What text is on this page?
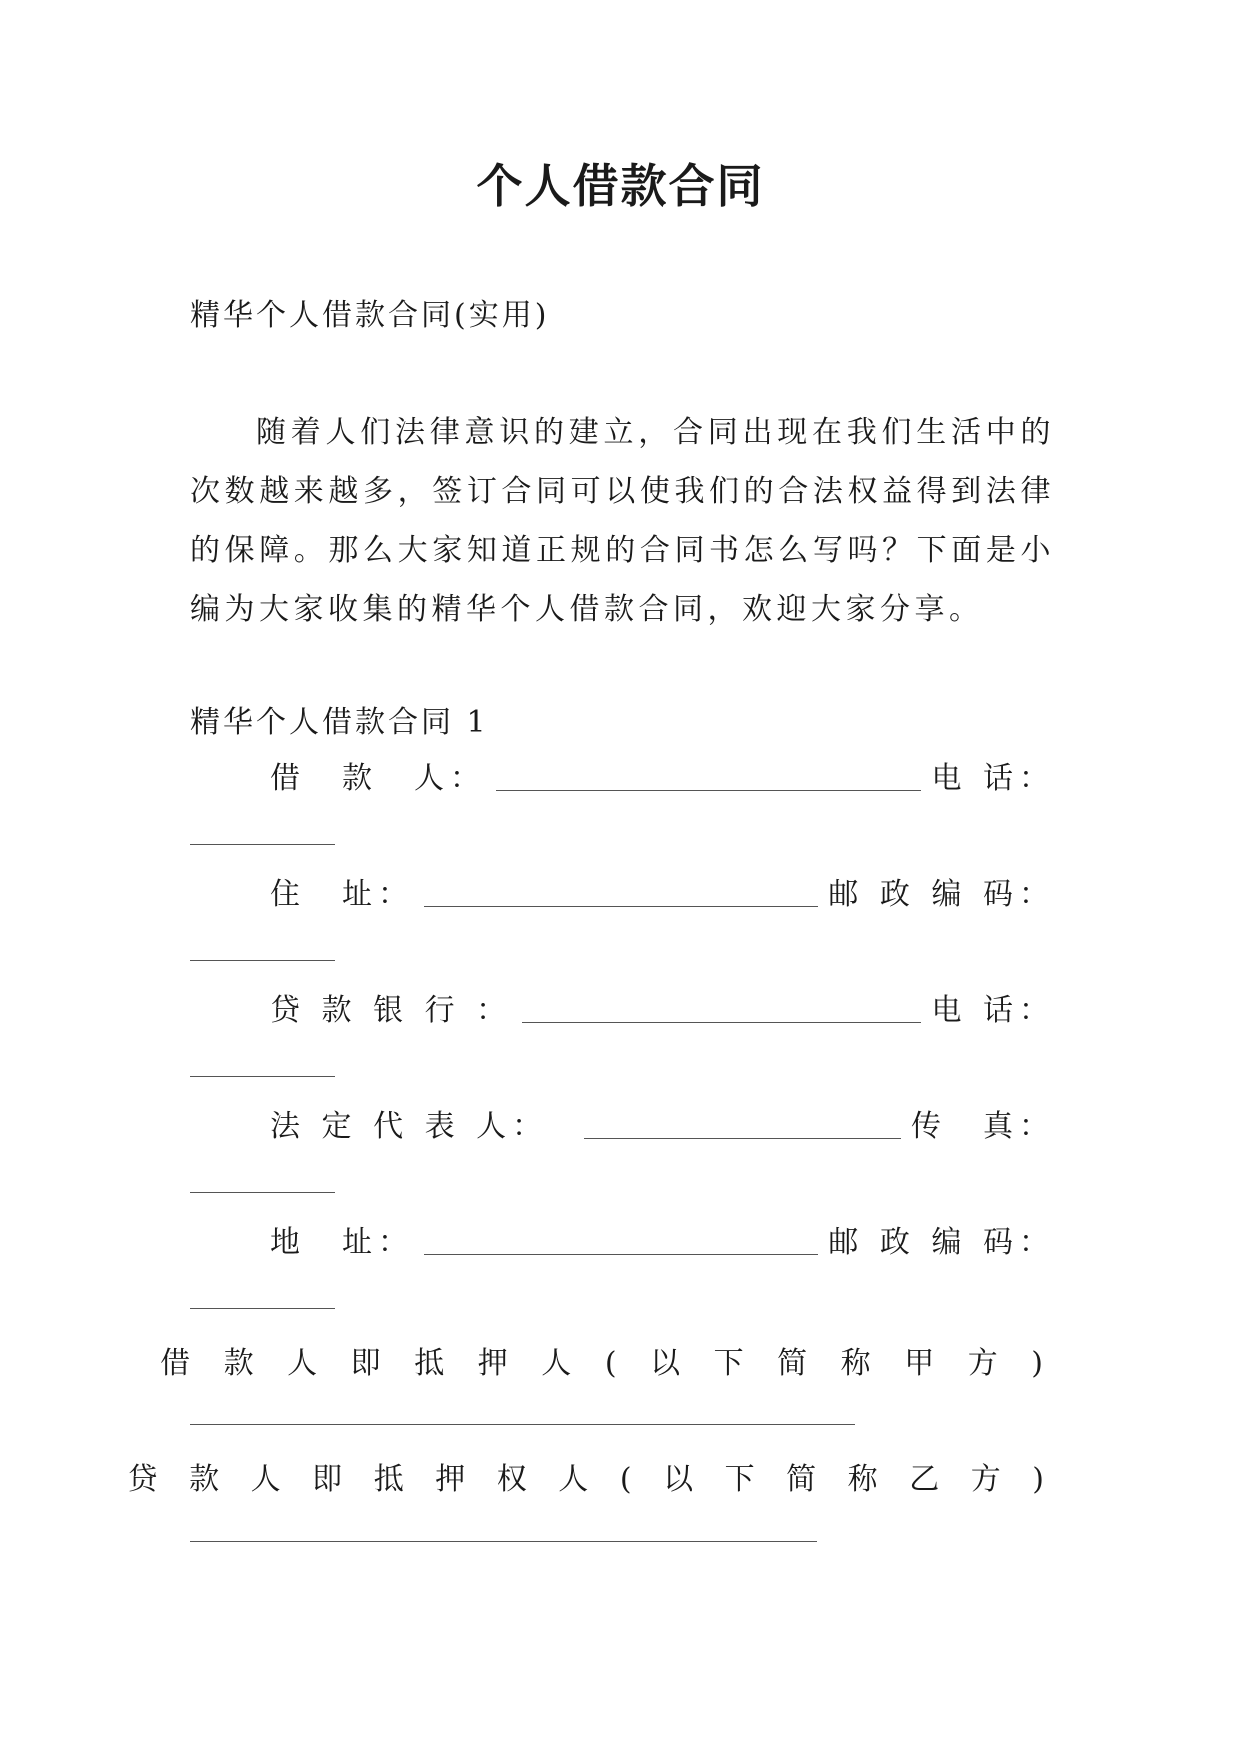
个人借款合同
精华个人借款合同(实用)
随着人们法律意识的建立，合同出现在我们生活中的次数越来越多，签订合同可以使我们的合法权益得到法律的保障。那么大家知道正规的合同书怎么写吗？下面是小编为大家收集的精华个人借款合同，欢迎大家分享。
精华个人借款合同 1
借　款　人：	电 话：
住　址：	邮 政 编 码：
贷 款 银 行 ：	电 话：
法 定 代 表 人：	传　真：
地　址：	邮 政 编 码：
借 款 人 即 抵 押 人 ( 以 下 简 称 甲 方 )
贷 款 人 即 抵 押 权 人 ( 以 下 简 称 乙 方 )
